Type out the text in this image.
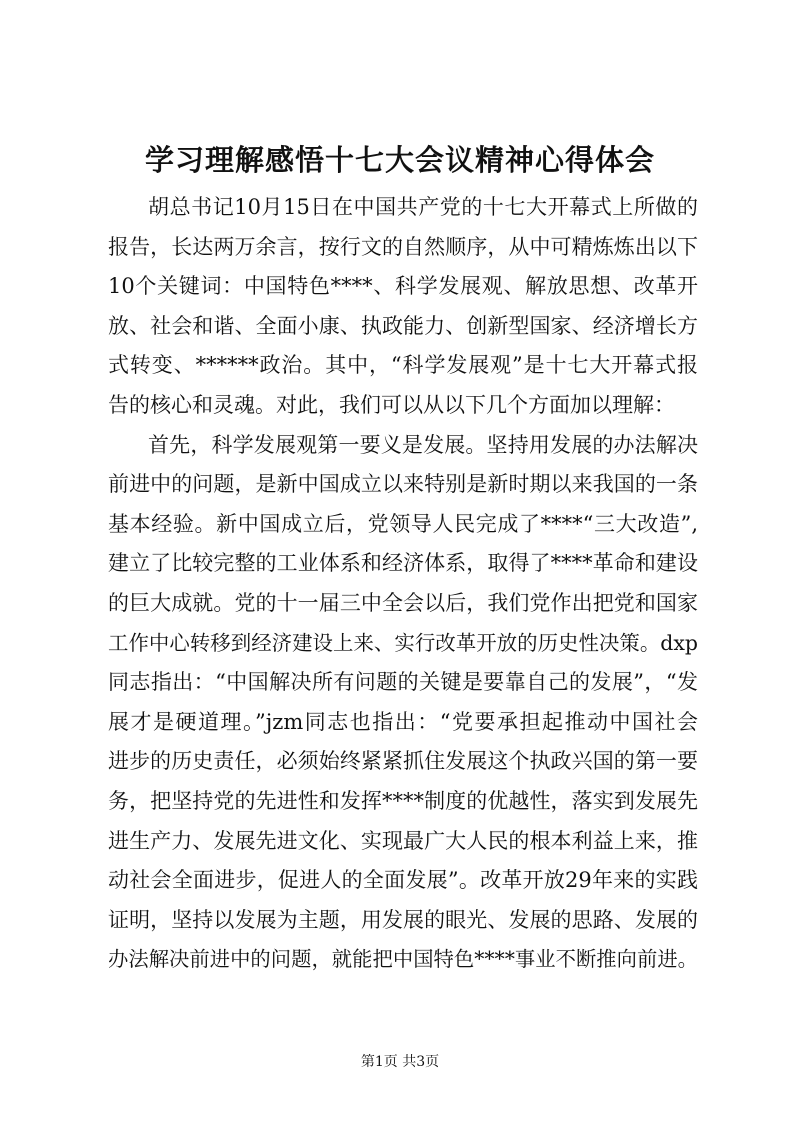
学习理解感悟十七大会议精神心得体会
胡总书记10月15日在中国共产党的十七大开幕式上所做的
报告，长达两万余言，按行文的自然顺序，从中可精炼炼出以下
10个关键词：中国特色****、科学发展观、解放思想、改革开
放、社会和谐、全面小康、执政能力、创新型国家、经济增长方
式转变、******政治。其中，“科学发展观”是十七大开幕式报
告的核心和灵魂。对此，我们可以从以下几个方面加以理解：
首先，科学发展观第一要义是发展。坚持用发展的办法解决
前进中的问题，是新中国成立以来特别是新时期以来我国的一条
基本经验。新中国成立后，党领导人民完成了****“三大改造”,
建立了比较完整的工业体系和经济体系，取得了****革命和建设
的巨大成就。党的十一届三中全会以后，我们党作出把党和国家
工作中心转移到经济建设上来、实行改革开放的历史性决策。dxp
同志指出：“中国解决所有问题的关键是要靠自己的发展”，“发
展才是硬道理。”jzm同志也指出：“党要承担起推动中国社会
进步的历史责任，必须始终紧紧抓住发展这个执政兴国的第一要
务，把坚持党的先进性和发挥****制度的优越性，落实到发展先
进生产力、发展先进文化、实现最广大人民的根本利益上来，推
动社会全面进步，促进人的全面发展”。改革开放29年来的实践
证明，坚持以发展为主题，用发展的眼光、发展的思路、发展的
办法解决前进中的问题，就能把中国特色****事业不断推向前进。
第1页 共3页
